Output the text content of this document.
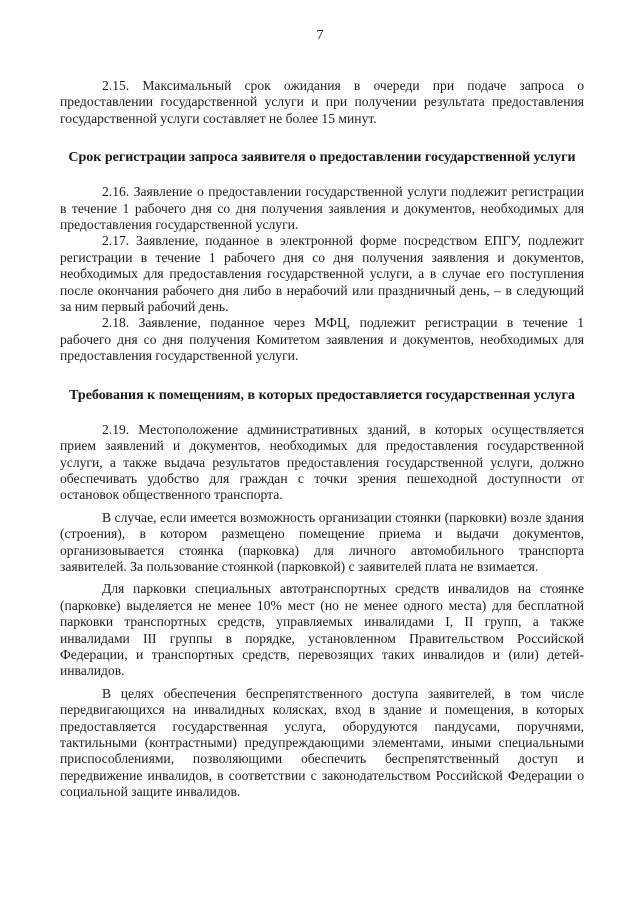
7

2.15. Максимальный срок ожидания в очереди при подаче запроса о предоставлении государственной услуги и при получении результата предоставления государственной услуги составляет не более 15 минут.

Срок регистрации запроса заявителя о предоставлении государственной услуги

2.16. Заявление о предоставлении государственной услуги подлежит регистрации в течение 1 рабочего дня со дня получения заявления и документов, необходимых для предоставления государственной услуги.

2.17. Заявление, поданное в электронной форме посредством ЕПГУ, подлежит регистрации в течение 1 рабочего дня со дня получения заявления и документов, необходимых для предоставления государственной услуги, а в случае его поступления после окончания рабочего дня либо в нерабочий или праздничный день, – в следующий за ним первый рабочий день.

2.18. Заявление, поданное через МФЦ, подлежит регистрации в течение 1 рабочего дня со дня получения Комитетом заявления и документов, необходимых для предоставления государственной услуги.

Требования к помещениям, в которых предоставляется государственная услуга

2.19. Местоположение административных зданий, в которых осуществляется прием заявлений и документов, необходимых для предоставления государственной услуги, а также выдача результатов предоставления государственной услуги, должно обеспечивать удобство для граждан с точки зрения пешеходной доступности от остановок общественного транспорта.

В случае, если имеется возможность организации стоянки (парковки) возле здания (строения), в котором размещено помещение приема и выдачи документов, организовывается стоянка (парковка) для личного автомобильного транспорта заявителей. За пользование стоянкой (парковкой) с заявителей плата не взимается.

Для парковки специальных автотранспортных средств инвалидов на стоянке (парковке) выделяется не менее 10% мест (но не менее одного места) для бесплатной парковки транспортных средств, управляемых инвалидами I, II групп, а также инвалидами III группы в порядке, установленном Правительством Российской Федерации, и транспортных средств, перевозящих таких инвалидов и (или) детей-инвалидов.

В целях обеспечения беспрепятственного доступа заявителей, в том числе передвигающихся на инвалидных колясках, вход в здание и помещения, в которых предоставляется государственная услуга, оборудуются пандусами, поручнями, тактильными (контрастными) предупреждающими элементами, иными специальными приспособлениями, позволяющими обеспечить беспрепятственный доступ и передвижение инвалидов, в соответствии с законодательством Российской Федерации о социальной защите инвалидов.
